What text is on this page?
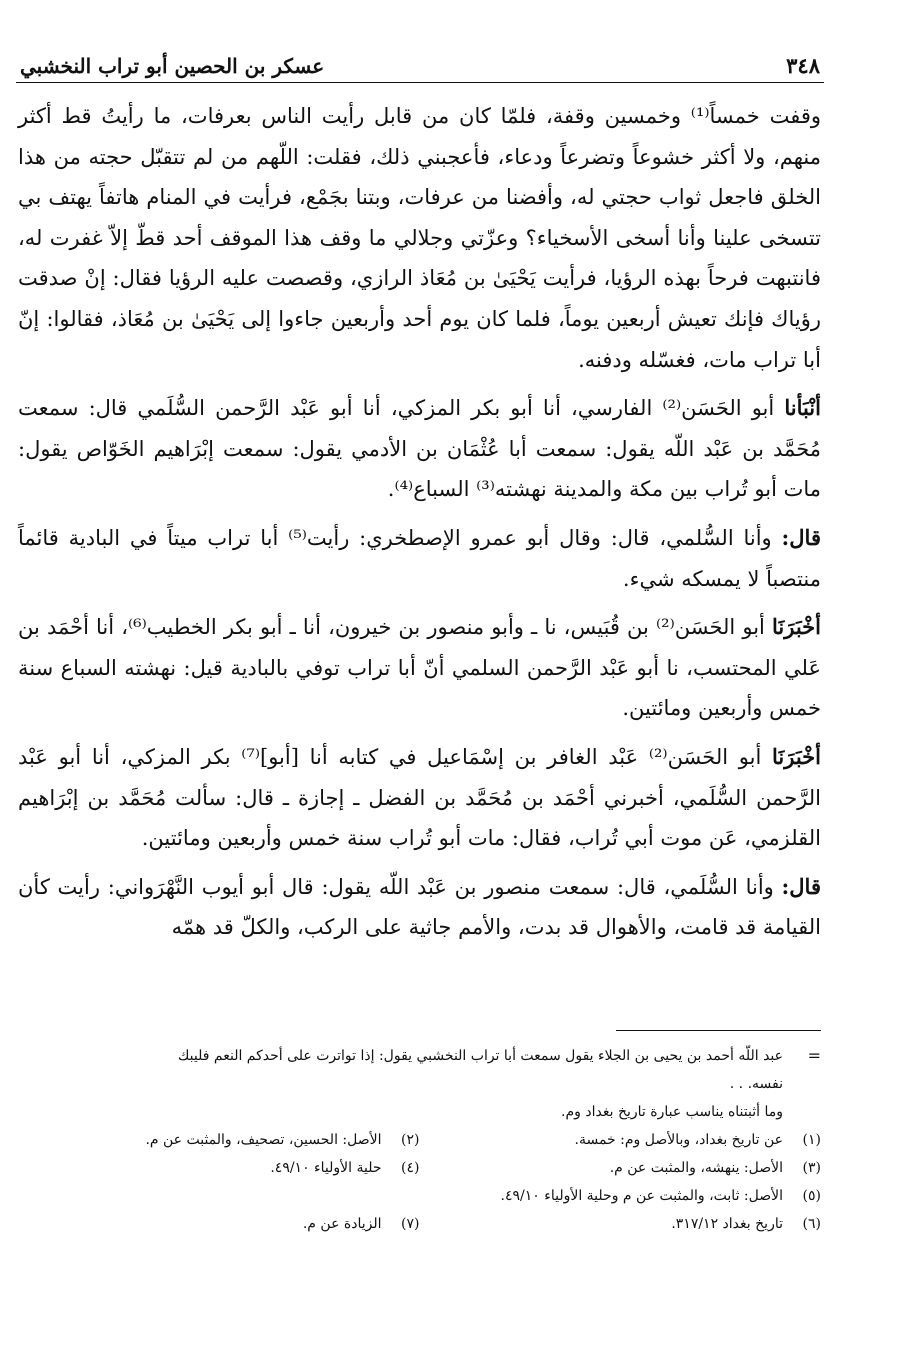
٣٤٨
عسكر بن الحصين أبو تراب النخشبي

وقفت خمساً⁽¹⁾ وخمسين وقفة، فلمّا كان من قابل رأيت الناس بعرفات، ما رأيتُ قط أكثر منهم، ولا أكثر خشوعاً وتضرعاً ودعاء، فأعجبني ذلك، فقلت: اللّهم من لم تتقبّل حجته من هذا الخلق فاجعل ثواب حجتي له، وأفضنا من عرفات، وبتنا بجَمْع، فرأيت في المنام هاتفاً يهتف بي تتسخى علينا وأنا أسخى الأسخياء؟ وعزّتي وجلالي ما وقف هذا الموقف أحد قطّ إلاّ غفرت له، فانتبهت فرحاً بهذه الرؤيا، فرأيت يَحْيَىٰ بن مُعَاذ الرازي، وقصصت عليه الرؤيا فقال: إنْ صدقت رؤياك فإنك تعيش أربعين يوماً، فلما كان يوم أحد وأربعين جاءوا إلى يَحْيَىٰ بن مُعَاذ، فقالوا: إنّ أبا تراب مات، فغسّله ودفنه.

أنْبَأنا أبو الحَسَن⁽²⁾ الفارسي، أنا أبو بكر المزكي، أنا أبو عَبْد الرَّحمن السُّلَمي قال: سمعت مُحَمَّد بن عَبْد اللّه يقول: سمعت أبا عُثْمَان بن الأدمي يقول: سمعت إبْرَاهيم الخَوّاص يقول: مات أبو تُراب بين مكة والمدينة نهشته⁽³⁾ السباع⁽⁴⁾.

قال: وأنا السُّلمي، قال: وقال أبو عمرو الإصطخري: رأيت⁽⁵⁾ أبا تراب ميتاً في البادية قائماً منتصباً لا يمسكه شيء.

أخْبَرَنَا أبو الحَسَن⁽²⁾ بن قُبَيس، نا ـ وأبو منصور بن خيرون، أنا ـ أبو بكر الخطيب⁽⁶⁾، أنا أحْمَد بن عَلي المحتسب، نا أبو عَبْد الرَّحمن السلمي أنّ أبا تراب توفي بالبادية قيل: نهشته السباع سنة خمس وأربعين ومائتين.

أخْبَرَنَا أبو الحَسَن⁽²⁾ عَبْد الغافر بن إسْمَاعيل في كتابه أنا [أبو]⁽⁷⁾ بكر المزكي، أنا أبو عَبْد الرَّحمن السُّلَمي، أخبرني أحْمَد بن مُحَمَّد بن الفضل ـ إجازة ـ قال: سألت مُحَمَّد بن إبْرَاهيم القلزمي، عَن موت أبي تُراب، فقال: مات أبو تُراب سنة خمس وأربعين ومائتين.

قال: وأنا السُّلَمي، قال: سمعت منصور بن عَبْد اللّه يقول: قال أبو أيوب النَّهْرَواني: رأيت كأن القيامة قد قامت، والأهوال قد بدت، والأمم جاثية على الركب، والكلّ قد همّه

=
عبد اللّه أحمد بن يحيى بن الجلاء يقول سمعت أبا تراب النخشبي يقول: إذا تواترت على أحدكم النعم فليبك
نفسه. . .
وما أثبتناه يناسب عبارة تاريخ بغداد وم.
(١)
عن تاريخ بغداد، وبالأصل وم: خمسة.
(٢)
الأصل: الحسين، تصحيف، والمثبت عن م.
(٣)
الأصل: ينهشه، والمثبت عن م.
(٤)
حلية الأولياء ٤٩/١٠.
(٥)
الأصل: ثابت، والمثبت عن م وحلية الأولياء ٤٩/١٠.
(٦)
تاريخ بغداد ٣١٧/١٢.
(٧)
الزيادة عن م.
